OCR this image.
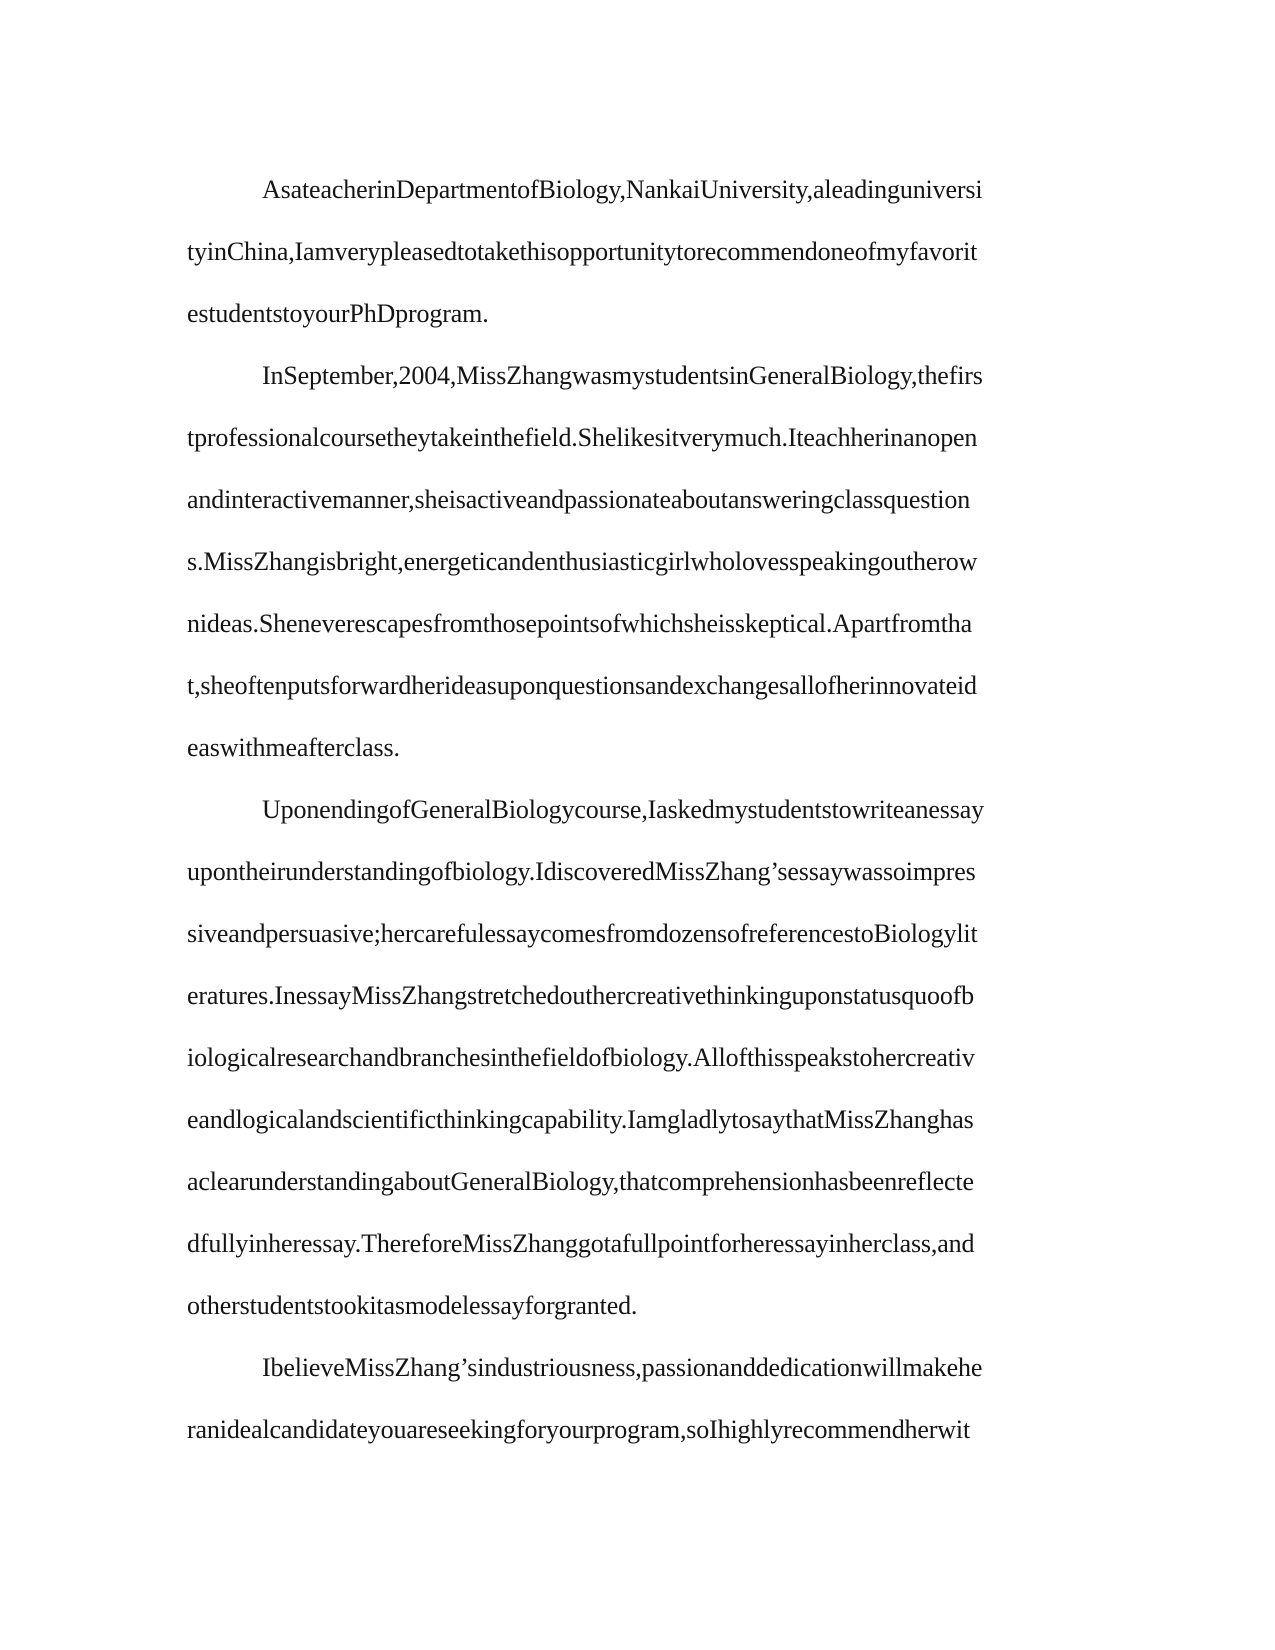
AsateacherinDepartmentofBiology,NankaiUniversity,aleadinguniversi
tyinChina,Iamverypleasedtotakethisopportunitytorecommendoneofmyfavorit
estudentstoyourPhDprogram.
InSeptember,2004,MissZhangwasmystudentsinGeneralBiology,thefirs
tprofessionalcoursetheytakeinthefield.Shelikesitverymuch.Iteachherinanopen
andinteractivemanner,sheisactiveandpassionateaboutansweringclassquestion
s.MissZhangisbright,energeticandenthusiasticgirlwholovesspeakingoutherow
nideas.Sheneverescapesfromthosepointsofwhichsheisskeptical.Apartfromtha
t,sheoftenputsforwardherideasuponquestionsandexchangesallofherinnovateid
easwithmeafterclass.
UponendingofGeneralBiologycourse,Iaskedmystudentstowriteanessay
upontheirunderstandingofbiology.IdiscoveredMissZhang’sessaywassoimpres
siveandpersuasive;hercarefulessaycomesfromdozensofreferencestoBiologylit
eratures.InessayMissZhangstretchedouthercreativethinkinguponstatusquoofb
iologicalresearchandbranchesinthefieldofbiology.Allofthisspeakstohercreativ
eandlogicalandscientificthinkingcapability.IamgladlytosaythatMissZhanghas
aclearunderstandingaboutGeneralBiology,thatcomprehensionhasbeenreflecte
dfullyinheressay.ThereforeMissZhanggotafullpointforheressayinherclass,and
otherstudentstookitasmodelessayforgranted.
IbelieveMissZhang’sindustriousness,passionanddedicationwillmakehe
ranidealcandidateyouareseekingforyourprogram,soIhighlyrecommendherwit
